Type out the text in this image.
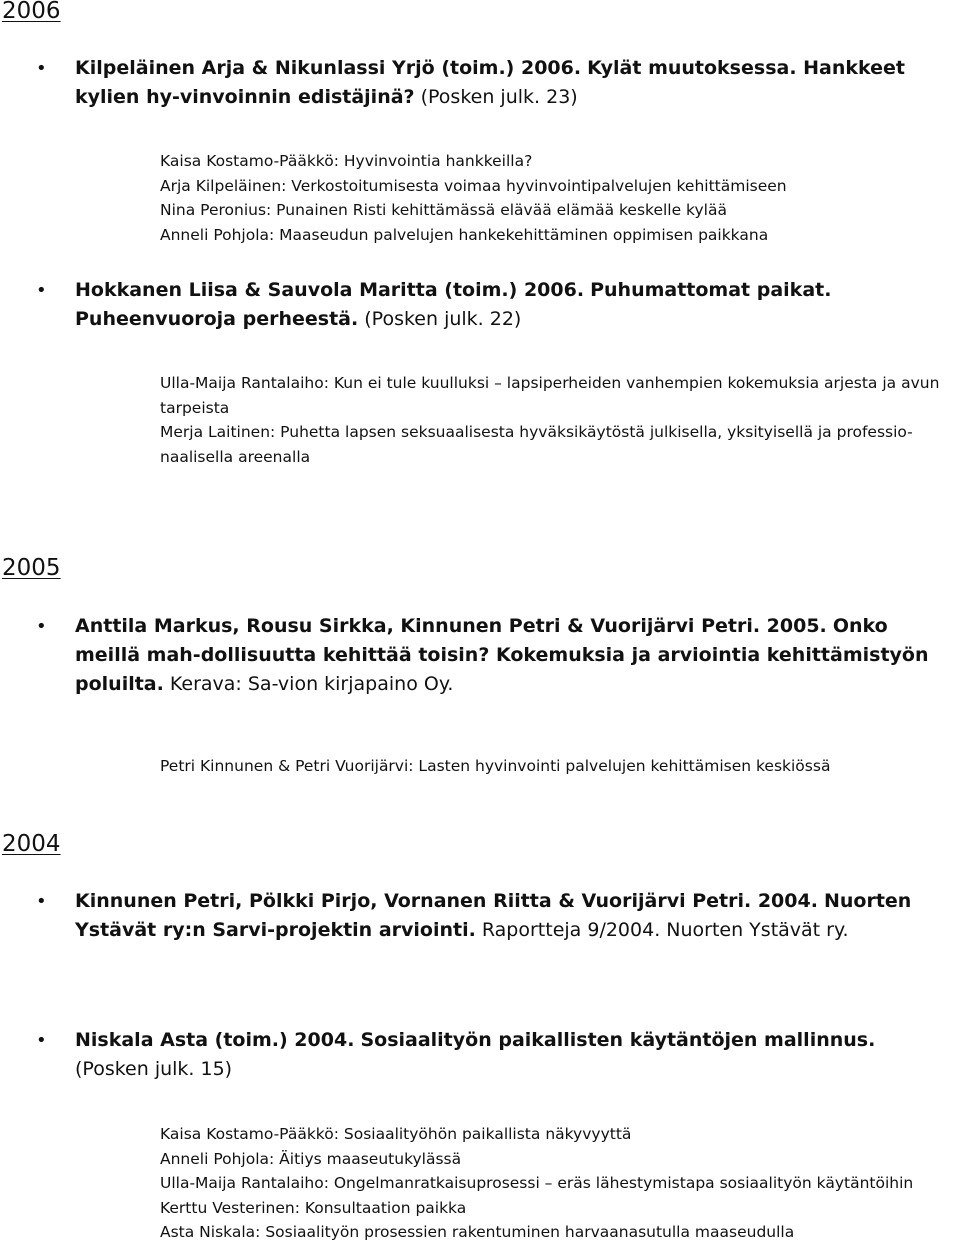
2006
• Kilpeläinen Arja & Nikunlassi Yrjö (toim.) 2006. Kylät muutoksessa. Hankkeet kylien hy-vinvoinnin edistäjinä? (Posken julk. 23)

Kaisa Kostamo-Pääkkö: Hyvinvointia hankkeilla?
Arja Kilpeläinen: Verkostoitumisesta voimaa hyvinvointipalvelujen kehittämiseen
Nina Peronius: Punainen Risti kehittämässä elävää elämää keskelle kylää
Anneli Pohjola: Maaseudun palvelujen hankekehittäminen oppimisen paikkana
• Hokkanen Liisa & Sauvola Maritta (toim.) 2006. Puhumattomat paikat. Puheenvuoroja perheestä. (Posken julk. 22)

Ulla-Maija Rantalaiho: Kun ei tule kuulluksi – lapsiperheiden vanhempien kokemuksia arjesta ja avun tarpeista
Merja Laitinen: Puhetta lapsen seksuaalisesta hyväksikäytöstä julkisella, yksityisellä ja professio-naalisella areenalla
2005
• Anttila Markus, Rousu Sirkka, Kinnunen Petri & Vuorijärvi Petri. 2005. Onko meillä mah-dollisuutta kehittää toisin? Kokemuksia ja arviointia kehittämistyön poluilta. Kerava: Sa-vion kirjapaino Oy.

Petri Kinnunen & Petri Vuorijärvi: Lasten hyvinvointi palvelujen kehittämisen keskiössä
2004
• Kinnunen Petri, Pölkki Pirjo, Vornanen Riitta & Vuorijärvi Petri. 2004. Nuorten Ystävät ry:n Sarvi-projektin arviointi. Raportteja 9/2004. Nuorten Ystävät ry.

• Niskala Asta (toim.) 2004. Sosiaalityön paikallisten käytäntöjen mallinnus. (Posken julk. 15)

Kaisa Kostamo-Pääkkö: Sosiaalityöhön paikallista näkyvyyttä
Anneli Pohjola: Äitiys maaseutukylässä
Ulla-Maija Rantalaiho: Ongelmanratkaisuprosessi – eräs lähestymistapa sosiaalityön käytäntöihin
Kerttu Vesterinen: Konsultaation paikka
Asta Niskala: Sosiaalityön prosessien rakentuminen harvaanasutulla maaseudulla
